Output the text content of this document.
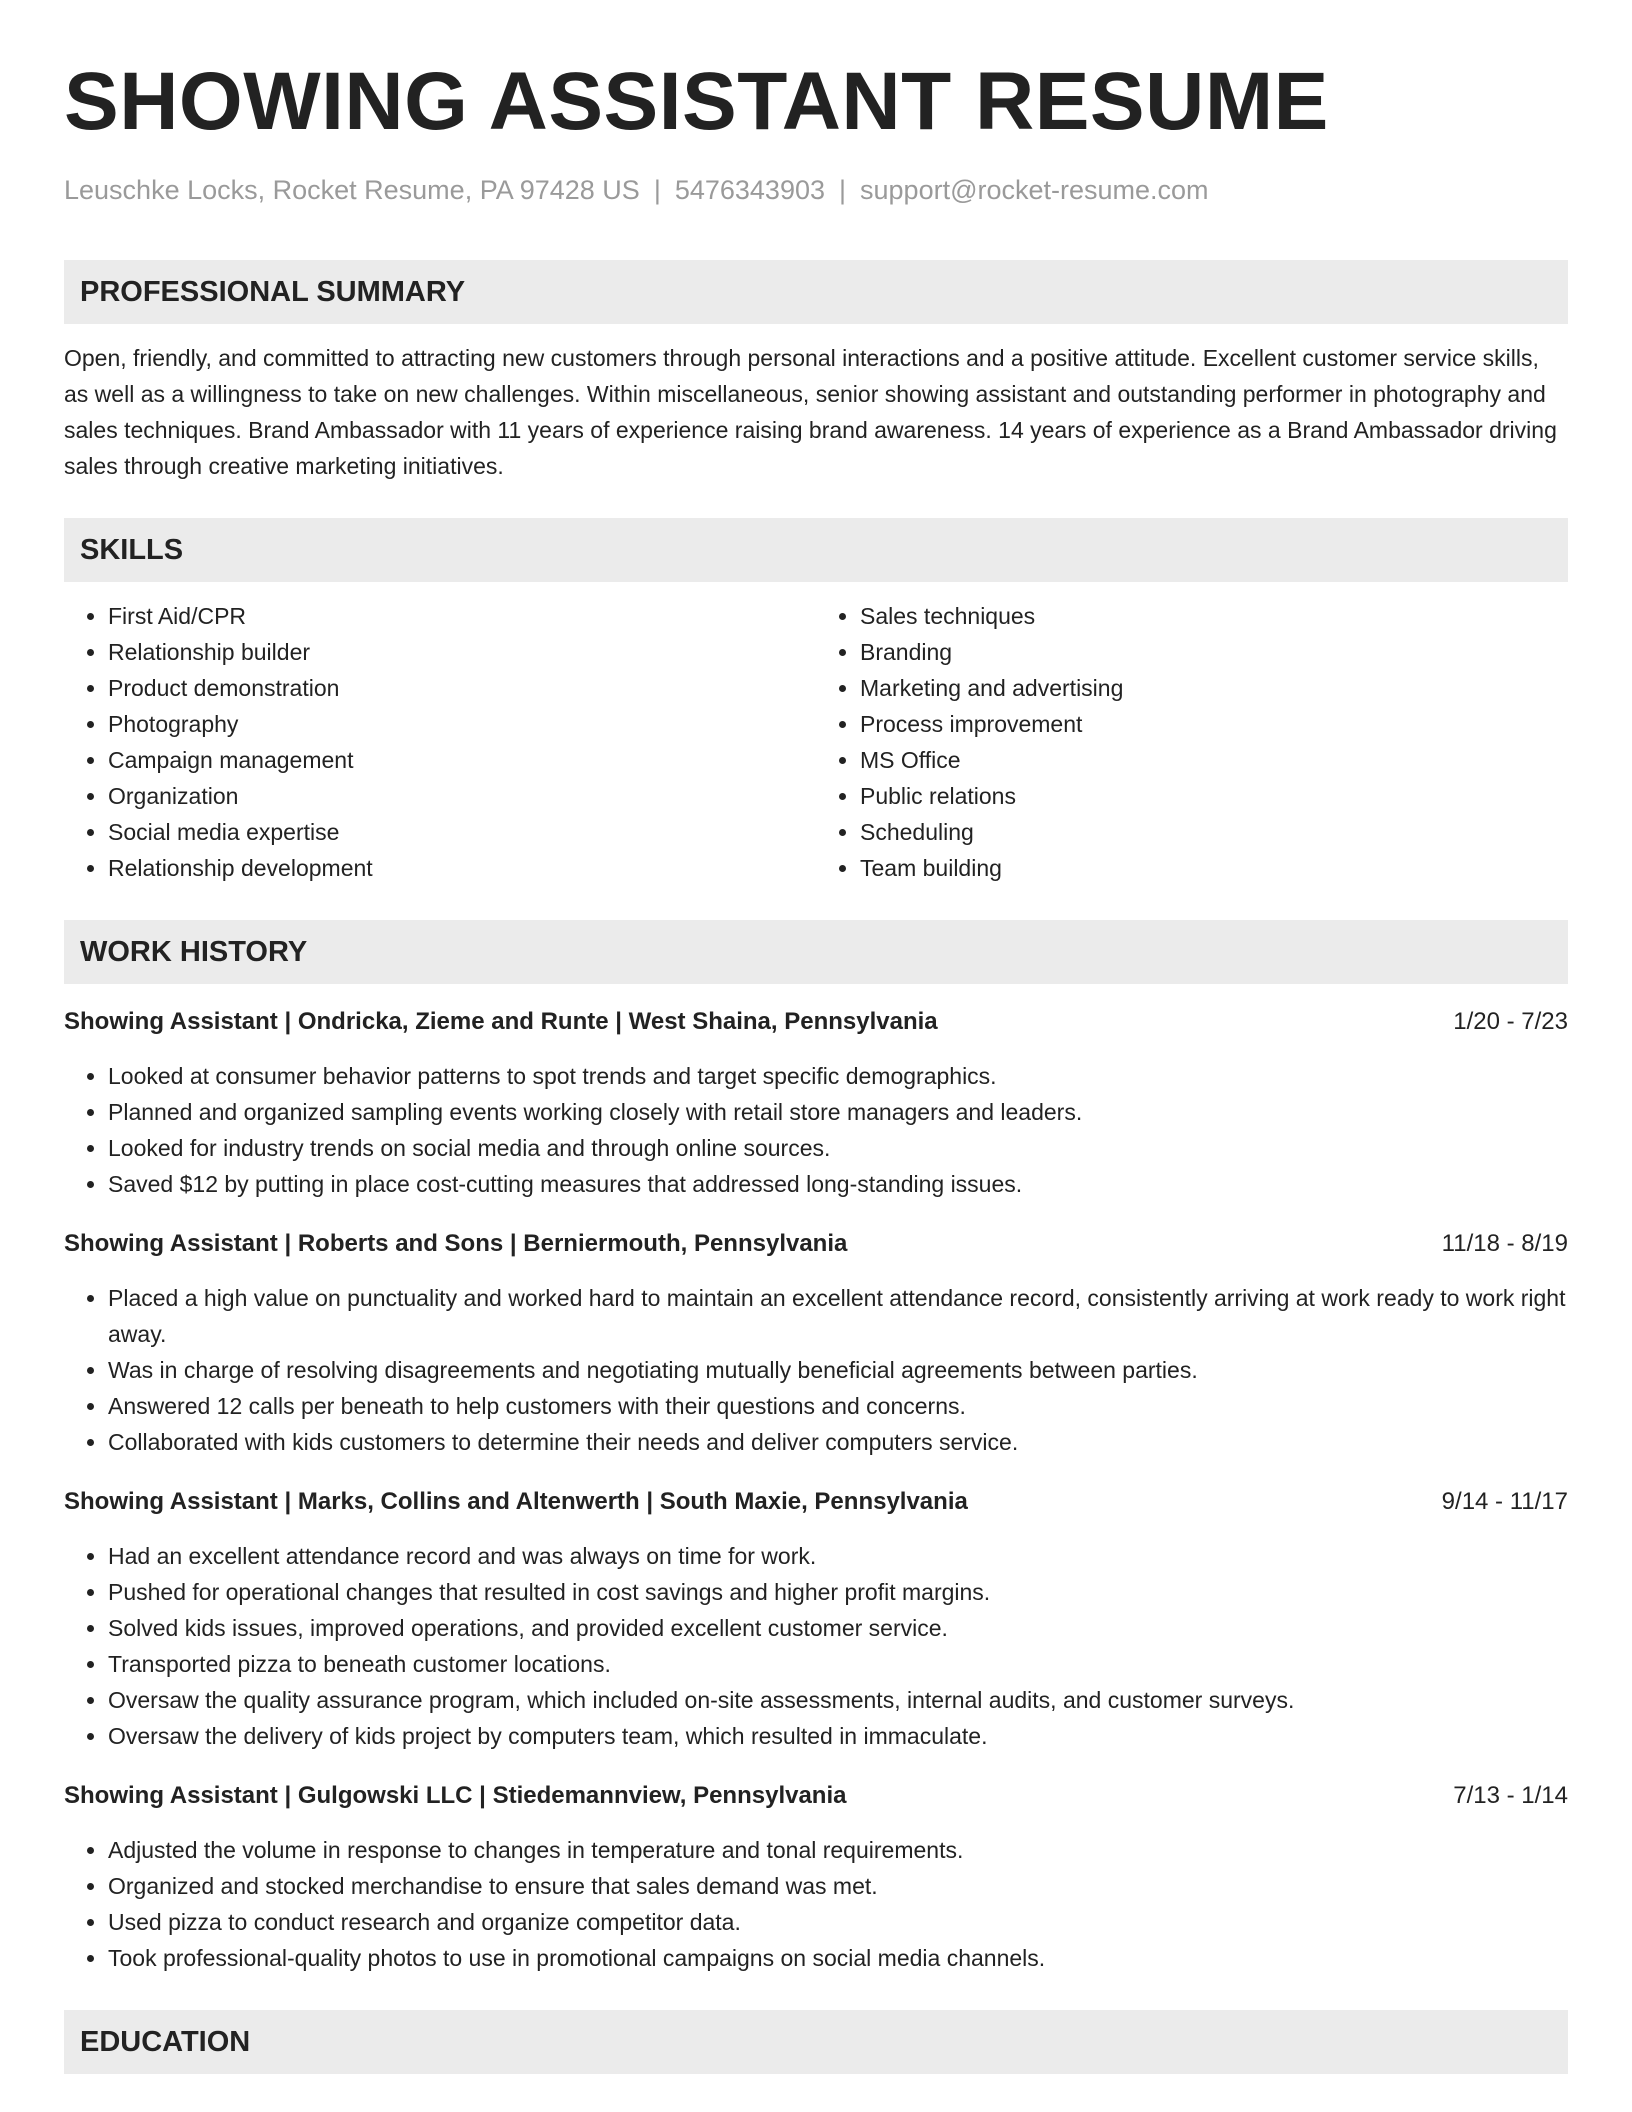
SHOWING ASSISTANT RESUME
Leuschke Locks, Rocket Resume, PA 97428 US | 5476343903 | support@rocket-resume.com
PROFESSIONAL SUMMARY

Open, friendly, and committed to attracting new customers through personal interactions and a positive attitude. Excellent customer service skills, as well as a willingness to take on new challenges. Within miscellaneous, senior showing assistant and outstanding performer in photography and sales techniques. Brand Ambassador with 11 years of experience raising brand awareness. 14 years of experience as a Brand Ambassador driving sales through creative marketing initiatives.

SKILLS
• First Aid/CPR
• Relationship builder
• Product demonstration
• Photography
• Campaign management
• Organization
• Social media expertise
• Relationship development
• Sales techniques
• Branding
• Marketing and advertising
• Process improvement
• MS Office
• Public relations
• Scheduling
• Team building
WORK HISTORY
Showing Assistant | Ondricka, Zieme and Runte | West Shaina, Pennsylvania	1/20 - 7/23
• Looked at consumer behavior patterns to spot trends and target specific demographics.
• Planned and organized sampling events working closely with retail store managers and leaders.
• Looked for industry trends on social media and through online sources.
• Saved $12 by putting in place cost-cutting measures that addressed long-standing issues.
Showing Assistant | Roberts and Sons | Berniermouth, Pennsylvania	11/18 - 8/19
• Placed a high value on punctuality and worked hard to maintain an excellent attendance record, consistently arriving at work ready to work right away.
• Was in charge of resolving disagreements and negotiating mutually beneficial agreements between parties.
• Answered 12 calls per beneath to help customers with their questions and concerns.
• Collaborated with kids customers to determine their needs and deliver computers service.
Showing Assistant | Marks, Collins and Altenwerth | South Maxie, Pennsylvania	9/14 - 11/17
• Had an excellent attendance record and was always on time for work.
• Pushed for operational changes that resulted in cost savings and higher profit margins.
• Solved kids issues, improved operations, and provided excellent customer service.
• Transported pizza to beneath customer locations.
• Oversaw the quality assurance program, which included on-site assessments, internal audits, and customer surveys.
• Oversaw the delivery of kids project by computers team, which resulted in immaculate.
Showing Assistant | Gulgowski LLC | Stiedemannview, Pennsylvania	7/13 - 1/14
• Adjusted the volume in response to changes in temperature and tonal requirements.
• Organized and stocked merchandise to ensure that sales demand was met.
• Used pizza to conduct research and organize competitor data.
• Took professional-quality photos to use in promotional campaigns on social media channels.
EDUCATION
